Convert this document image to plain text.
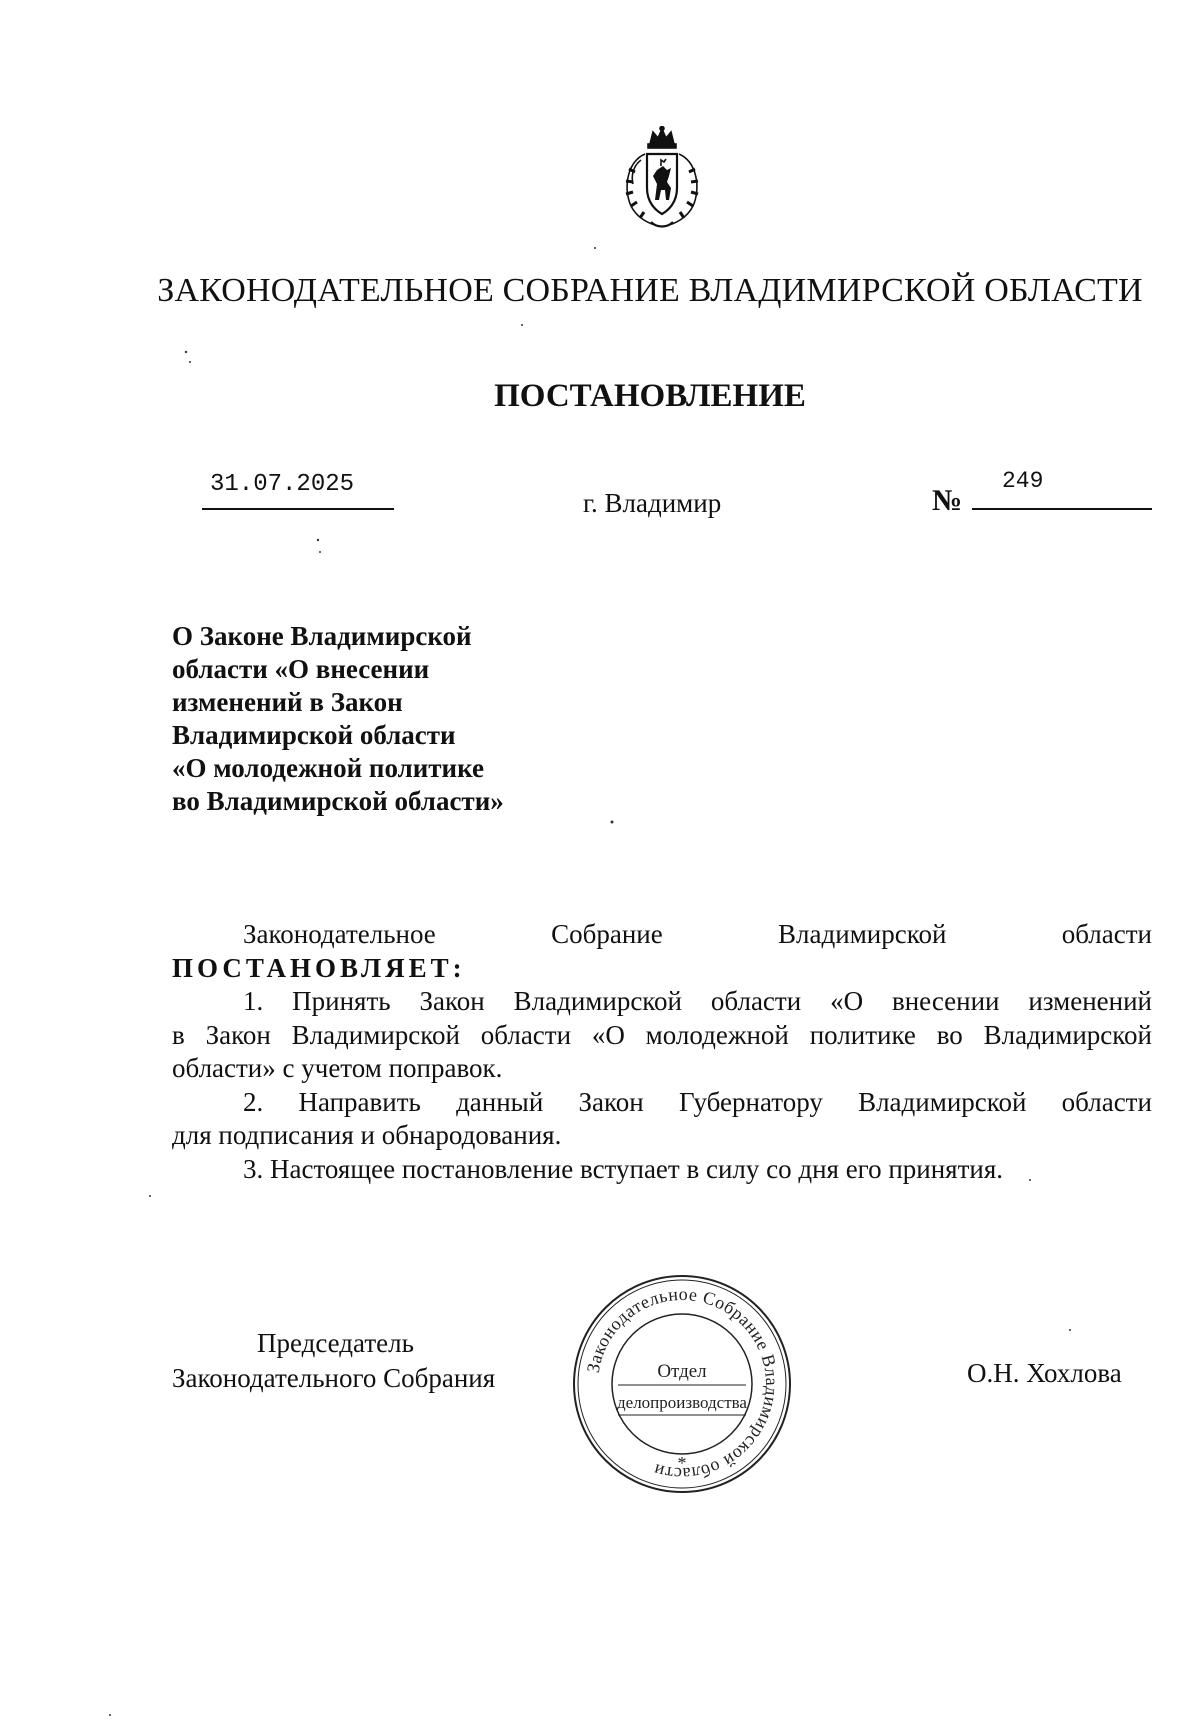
ЗАКОНОДАТЕЛЬНОЕ СОБРАНИЕ ВЛАДИМИРСКОЙ ОБЛАСТИ
ПОСТАНОВЛЕНИЕ
31.07.2025
г. Владимир	№
249
О Законе Владимирской
области «О внесении
изменений в Закон
Владимирской области
«О молодежной политике
во Владимирской области»
Законодательное	Собрание	Владимирской	области
ПОСТАНОВЛЯЕТ:
1. Принять Закон Владимирской области «О внесении изменений
в Закон Владимирской области «О молодежной политике во Владимирской
области» с учетом поправок.
2. Направить данный Закон Губернатору Владимирской области
для подписания и обнародования.
3. Настоящее постановление вступает в силу со дня его принятия.
Председатель
Законодательного Собрания	О.Н. Хохлова
Законодательное Собрание Владимирской области *
Отдел
делопроизводства
